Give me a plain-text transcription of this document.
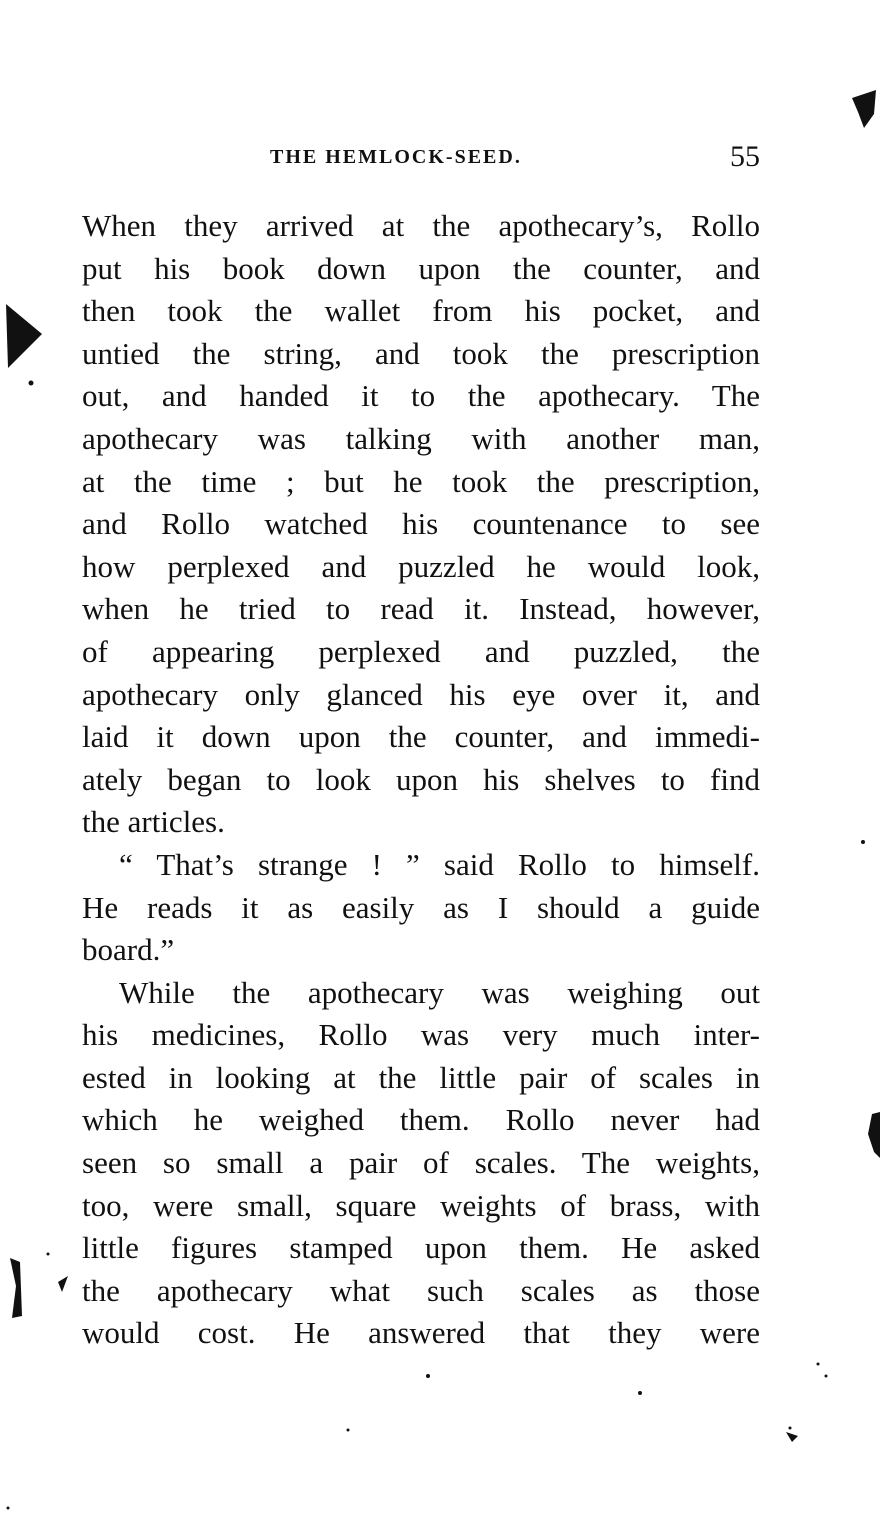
THE HEMLOCK-SEED.	55
When they arrived at the apothecary’s, Rollo
put his book down upon the counter, and
then took the wallet from his pocket, and
untied the string, and took the prescription
out, and handed it to the apothecary. The
apothecary was talking with another man,
at the time ; but he took the prescription,
and Rollo watched his countenance to see
how perplexed and puzzled he would look,
when he tried to read it. Instead, however,
of appearing perplexed and puzzled, the
apothecary only glanced his eye over it, and
laid it down upon the counter, and immedi-
ately began to look upon his shelves to find
the articles.
“ That’s strange ! ” said Rollo to himself.
He reads it as easily as I should a guide
board.”
While the apothecary was weighing out
his medicines, Rollo was very much inter-
ested in looking at the little pair of scales in
which he weighed them. Rollo never had
seen so small a pair of scales. The weights,
too, were small, square weights of brass, with
little figures stamped upon them. He asked
the apothecary what such scales as those
would cost. He answered that they were
